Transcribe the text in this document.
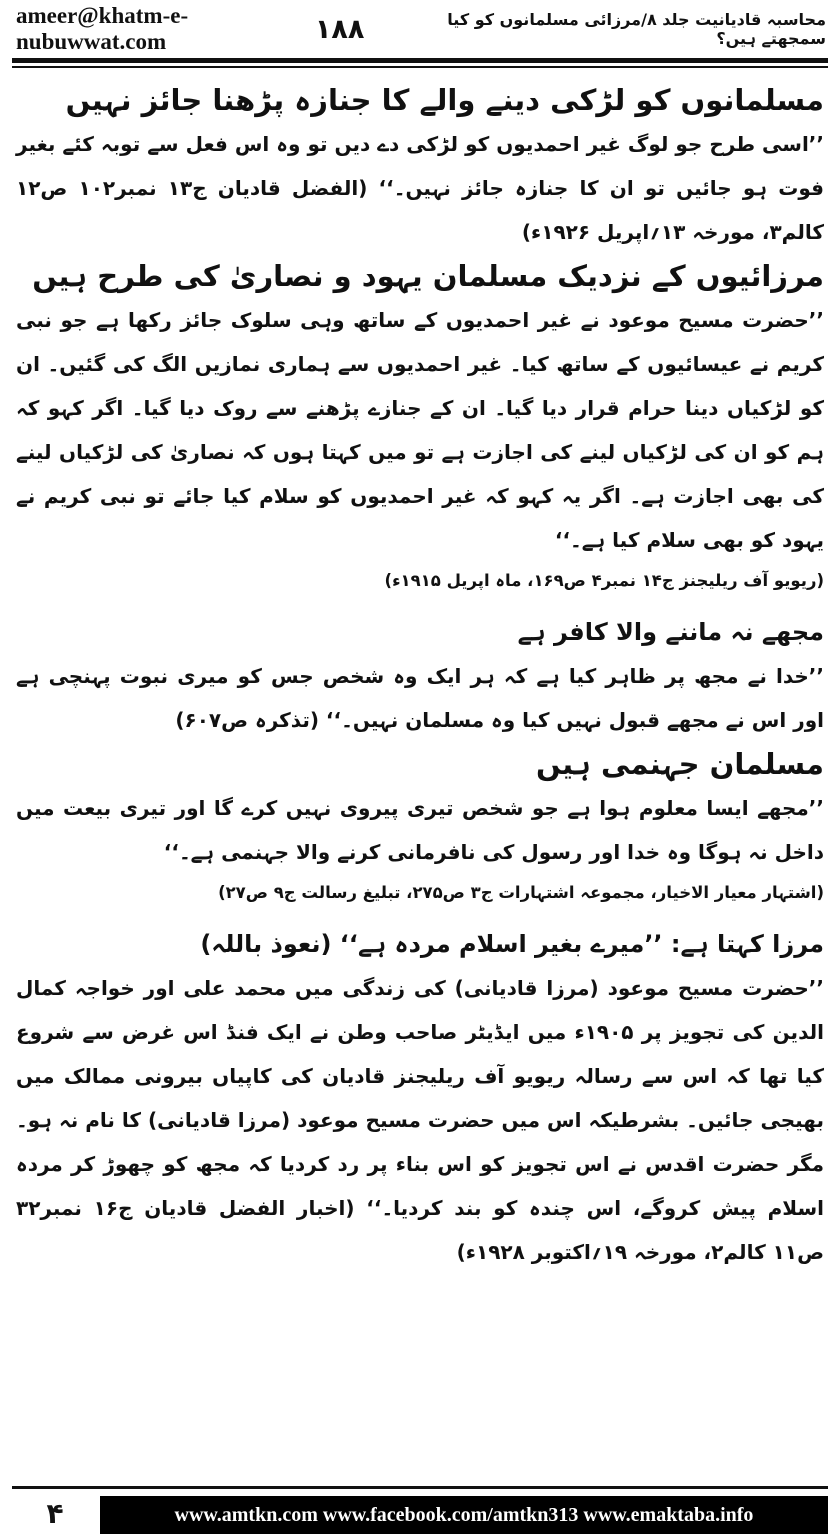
ameer@khatm-e-nubuwwat.com	١٨٨	محاسبہ قادیانیت جلد ۸/مرزائی مسلمانوں کو کیا سمجھتے ہیں؟
مسلمانوں کو لڑکی دینے والے کا جنازہ پڑھنا جائز نہیں

’’اسی طرح جو لوگ غیر احمدیوں کو لڑکی دے دیں تو وہ اس فعل سے توبہ کئے بغیر فوت ہو جائیں تو ان کا جنازہ جائز نہیں۔‘‘ (الفضل قادیان ج۱۳ نمبر۱۰۲ ص۱۲ کالم۳، مورخہ ۱۳؍اپریل ۱۹۲۶ء)

مرزائیوں کے نزدیک مسلمان یہود و نصاریٰ کی طرح ہیں

’’حضرت مسیح موعود نے غیر احمدیوں کے ساتھ وہی سلوک جائز رکھا ہے جو نبی کریم نے عیسائیوں کے ساتھ کیا۔ غیر احمدیوں سے ہماری نمازیں الگ کی گئیں۔ ان کو لڑکیاں دینا حرام قرار دیا گیا۔ ان کے جنازے پڑھنے سے روک دیا گیا۔ اگر کہو کہ ہم کو ان کی لڑکیاں لینے کی اجازت ہے تو میں کہتا ہوں کہ نصاریٰ کی لڑکیاں لینے کی بھی اجازت ہے۔ اگر یہ کہو کہ غیر احمدیوں کو سلام کیا جائے تو نبی کریم نے یہود کو بھی سلام کیا ہے۔‘‘

(ریویو آف ریلیجنز ج۱۴ نمبر۴ ص۱۶۹، ماہ اپریل ۱۹۱۵ء)

مجھے نہ ماننے والا کافر ہے

’’خدا نے مجھ پر ظاہر کیا ہے کہ ہر ایک وہ شخص جس کو میری نبوت پہنچی ہے اور اس نے مجھے قبول نہیں کیا وہ مسلمان نہیں۔‘‘ (تذکرہ ص۶۰۷)

مسلمان جہنمی ہیں

’’مجھے ایسا معلوم ہوا ہے جو شخص تیری پیروی نہیں کرے گا اور تیری بیعت میں داخل نہ ہوگا وہ خدا اور رسول کی نافرمانی کرنے والا جہنمی ہے۔‘‘

(اشتہار معیار الاخیار، مجموعہ اشتہارات ج۳ ص۲۷۵، تبلیغ رسالت ج۹ ص۲۷)

مرزا کہتا ہے: ’’میرے بغیر اسلام مردہ ہے‘‘ (نعوذ باللہ)

’’حضرت مسیح موعود (مرزا قادیانی) کی زندگی میں محمد علی اور خواجہ کمال الدین کی تجویز پر ۱۹۰۵ء میں ایڈیٹر صاحب وطن نے ایک فنڈ اس غرض سے شروع کیا تھا کہ اس سے رسالہ ریویو آف ریلیجنز قادیان کی کاپیاں بیرونی ممالک میں بھیجی جائیں۔ بشرطیکہ اس میں حضرت مسیح موعود (مرزا قادیانی) کا نام نہ ہو۔ مگر حضرت اقدس نے اس تجویز کو اس بناء پر رد کردیا کہ مجھ کو چھوڑ کر مردہ اسلام پیش کروگے، اس چندہ کو بند کردیا۔‘‘ (اخبار الفضل قادیان ج۱۶ نمبر۳۲ ص۱۱ کالم۲، مورخہ ۱۹؍اکتوبر ۱۹۲۸ء)

۴	www.amtkn.com www.facebook.com/amtkn313 www.emaktaba.info
